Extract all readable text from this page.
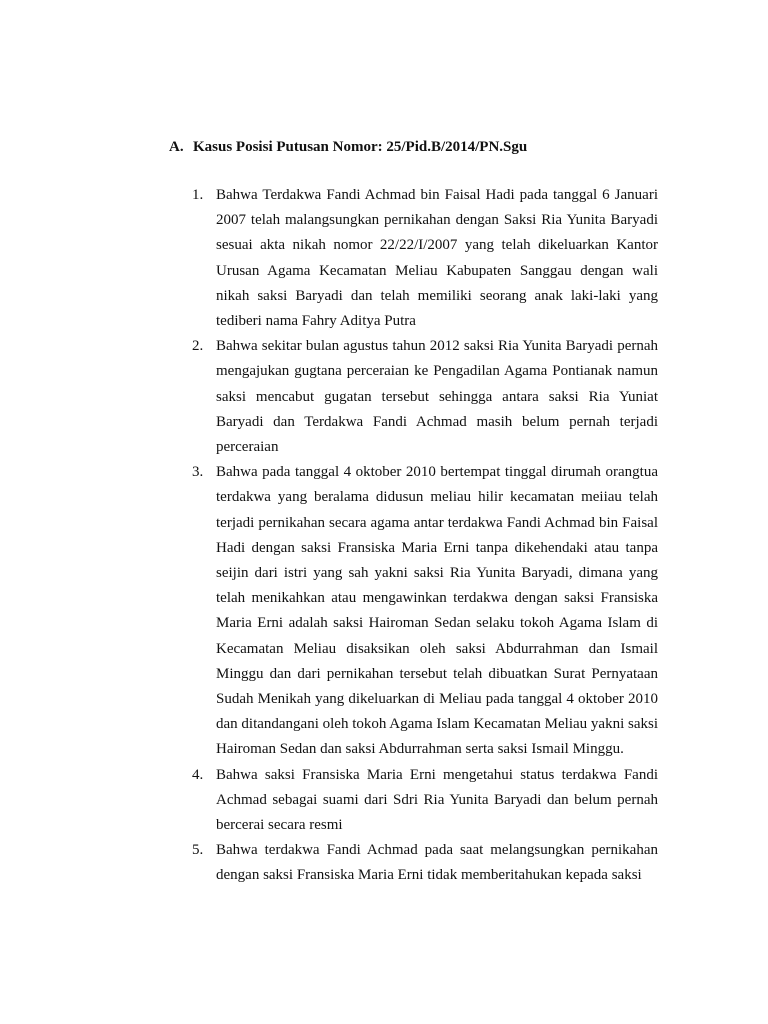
A. Kasus Posisi Putusan Nomor: 25/Pid.B/2014/PN.Sgu
1. Bahwa Terdakwa Fandi Achmad bin Faisal Hadi pada tanggal 6 Januari 2007 telah malangsungkan pernikahan dengan Saksi Ria Yunita Baryadi sesuai akta nikah nomor 22/22/I/2007 yang telah dikeluarkan Kantor Urusan Agama Kecamatan Meliau Kabupaten Sanggau dengan wali nikah saksi Baryadi dan telah memiliki seorang anak laki-laki yang tediberi nama Fahry Aditya Putra
2. Bahwa sekitar bulan agustus tahun 2012 saksi Ria Yunita Baryadi pernah mengajukan gugtana perceraian ke Pengadilan Agama Pontianak namun saksi mencabut gugatan tersebut sehingga antara saksi Ria Yuniat Baryadi dan Terdakwa Fandi Achmad masih belum pernah terjadi perceraian
3. Bahwa pada tanggal 4 oktober 2010 bertempat tinggal dirumah orangtua terdakwa yang beralama didusun meliau hilir kecamatan meiiau telah terjadi pernikahan secara agama antar terdakwa Fandi Achmad bin Faisal Hadi dengan saksi Fransiska Maria Erni tanpa dikehendaki atau tanpa seijin dari istri yang sah yakni saksi Ria Yunita Baryadi, dimana yang telah menikahkan atau mengawinkan terdakwa dengan saksi Fransiska Maria Erni adalah saksi Hairoman Sedan selaku tokoh Agama Islam di Kecamatan Meliau disaksikan oleh saksi Abdurrahman dan Ismail Minggu dan dari pernikahan tersebut telah dibuatkan Surat Pernyataan Sudah Menikah yang dikeluarkan di Meliau pada tanggal 4 oktober 2010 dan ditandangani oleh tokoh Agama Islam Kecamatan Meliau yakni saksi Hairoman Sedan dan saksi Abdurrahman serta saksi Ismail Minggu.
4. Bahwa saksi Fransiska Maria Erni mengetahui status terdakwa Fandi Achmad sebagai suami dari Sdri Ria Yunita Baryadi dan belum pernah bercerai secara resmi
5. Bahwa terdakwa Fandi Achmad pada saat melangsungkan pernikahan dengan saksi Fransiska Maria Erni tidak memberitahukan kepada saksi
